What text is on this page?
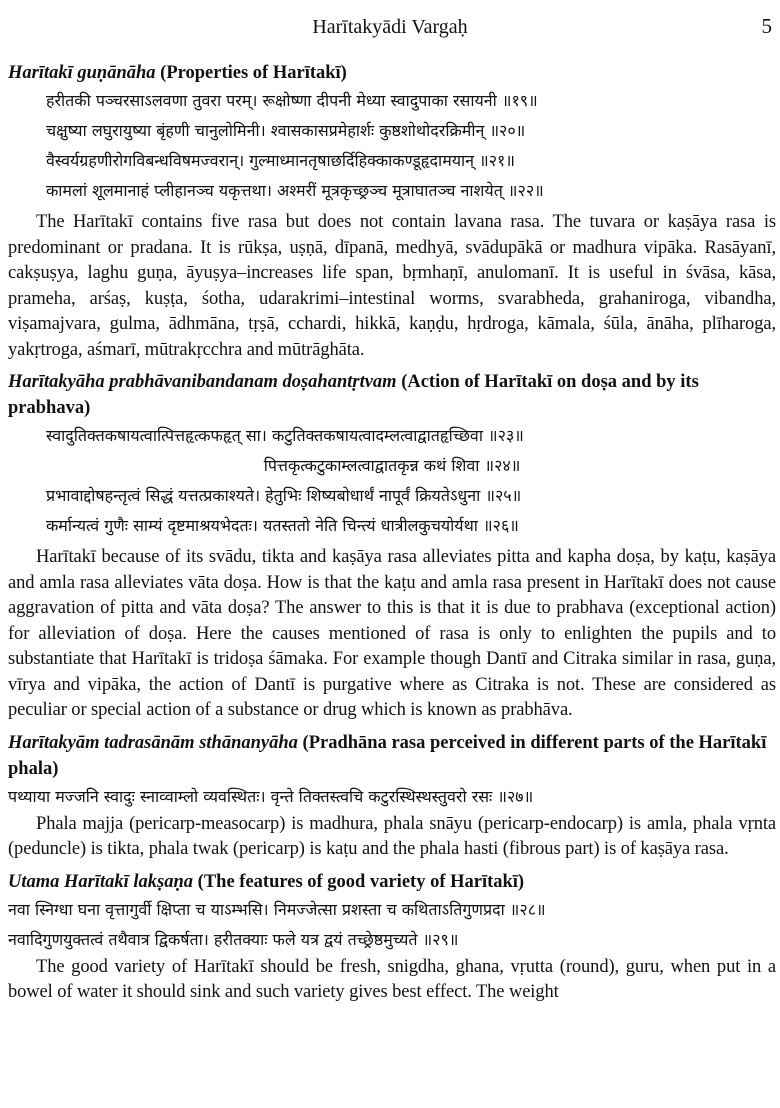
Harītakyādi Vargaḥ	5
Harītakī guṇānāha (Properties of Harītakī)
हरीतकी पञ्चरसाऽलवणा तुवरा परम्। रूक्षोष्णा दीपनी मेध्या स्वादुपाका रसायनी ॥१९॥
चक्षुष्या लघुरायुष्या बृंहणी चानुलोमिनी। श्वासकासप्रमेहार्शः कुष्ठशोथोदरक्रिमीन् ॥२०॥
वैस्वर्यग्रहणीरोगविबन्धविषमज्वरान्। गुल्माध्मानतृषाछर्दिहिक्काकण्डूहृदामयान् ॥२१॥
कामलां शूलमानाहं प्लीहानञ्च यकृत्तथा। अश्मरीं मूत्रकृच्छ्रञ्च मूत्राघातञ्च नाशयेत् ॥२२॥

The Harītakī contains five rasa but does not contain lavana rasa. The tuvara or kaṣāya rasa is predominant or pradana. It is rūkṣa, uṣṇā, dīpanā, medhyā, svādupākā or madhura vipāka. Rasāyanī, cakṣuṣya, laghu guṇa, āyuṣya–increases life span, bṛmhaṇī, anulomanī. It is useful in śvāsa, kāsa, prameha, arśaṣ, kuṣṭa, śotha, udarakrimi–intestinal worms, svarabheda, grahaniroga, vibandha, viṣamajvara, gulma, ādhmāna, tṛṣā, cchardi, hikkā, kaṇḍu, hṛdroga, kāmala, śūla, ānāha, plīharoga, yakṛtroga, aśmarī, mūtrakṛcchra and mūtrāghāta.

Harītakyāha prabhāvanibandanam doṣahantṛtvam (Action of Harītakī on doṣa and by its prabhava)
स्वादुतिक्तकषायत्वात्पित्तहृत्कफहृत् सा। कटुतिक्तकषायत्वादम्लत्वाद्वातहृच्छिवा ॥२३॥
पित्तकृत्कटुकाम्लत्वाद्वातकृन्न कथं शिवा ॥२४॥
प्रभावाद्दोषहन्तृत्वं सिद्धं यत्तत्प्रकाश्यते। हेतुभिः शिष्यबोधार्थं नापूर्वं क्रियतेऽधुना ॥२५॥
कर्मान्यत्वं गुणैः साम्यं दृष्टमाश्रयभेदतः। यतस्ततो नेति चिन्त्यं धात्रीलकुचयोर्यथा ॥२६॥

Harītakī because of its svādu, tikta and kaṣāya rasa alleviates pitta and kapha doṣa, by kaṭu, kaṣāya and amla rasa alleviates vāta doṣa. How is that the kaṭu and amla rasa present in Harītakī does not cause aggravation of pitta and vāta doṣa? The answer to this is that it is due to prabhava (exceptional action) for alleviation of doṣa. Here the causes mentioned of rasa is only to enlighten the pupils and to substantiate that Harītakī is tridoṣa śāmaka. For example though Dantī and Citraka similar in rasa, guṇa, vīrya and vipāka, the action of Dantī is purgative where as Citraka is not. These are considered as peculiar or special action of a substance or drug which is known as prabhāva.

Harītakyām tadrasānām sthānanyāha (Pradhāna rasa perceived in different parts of the Harītakī phala)
पथ्याया मज्जनि स्वादुः स्नाव्वाम्लो व्यवस्थितः। वृन्ते तिक्तस्त्वचि कटुरस्थिस्थस्तुवरो रसः ॥२७॥

Phala majja (pericarp-measocarp) is madhura, phala snāyu (pericarp-endocarp) is amla, phala vṛnta (peduncle) is tikta, phala twak (pericarp) is kaṭu and the phala hasti (fibrous part) is of kaṣāya rasa.

Utama Harītakī lakṣaṇa (The features of good variety of Harītakī)
नवा स्निग्धा घना वृत्तागुर्वी क्षिप्ता च याऽम्भसि। निमज्जेत्सा प्रशस्ता च कथिताऽतिगुणप्रदा ॥२८॥
नवादिगुणयुक्तत्वं तथैवात्र द्विकर्षता। हरीतक्याः फले यत्र द्वयं तच्छ्रेष्ठमुच्यते ॥२९॥

The good variety of Harītakī should be fresh, snigdha, ghana, vṛutta (round), guru, when put in a bowel of water it should sink and such variety gives best effect. The weight
